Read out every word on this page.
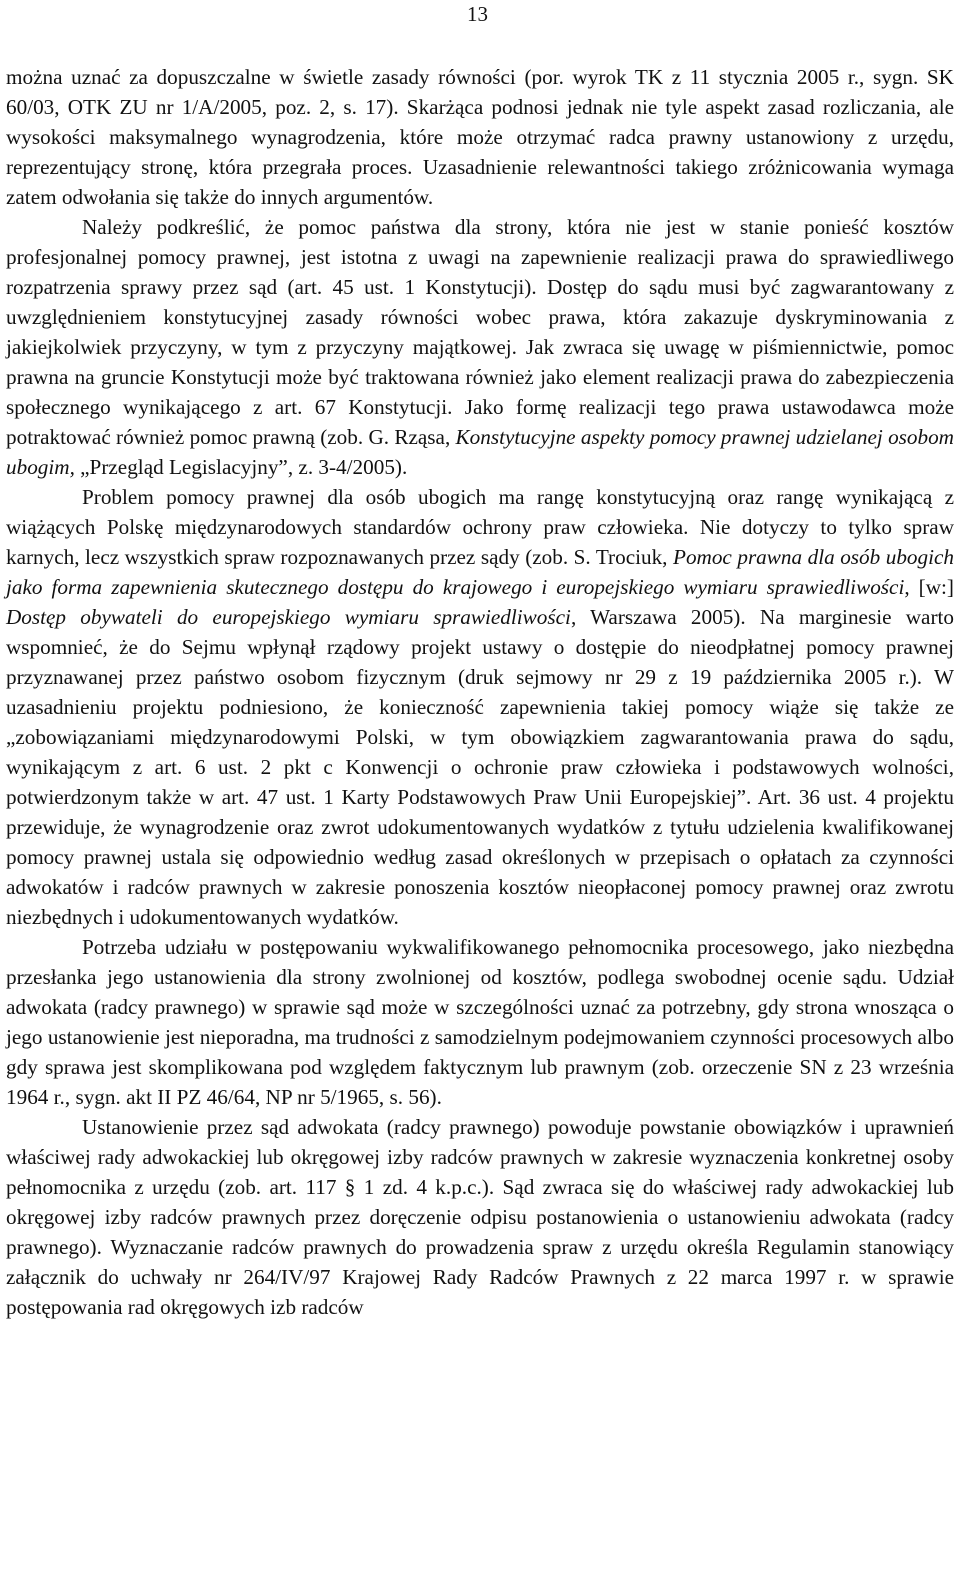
13

można uznać za dopuszczalne w świetle zasady równości (por. wyrok TK z 11 stycznia 2005 r., sygn. SK 60/03, OTK ZU nr 1/A/2005, poz. 2, s. 17). Skarżąca podnosi jednak nie tyle aspekt zasad rozliczania, ale wysokości maksymalnego wynagrodzenia, które może otrzymać radca prawny ustanowiony z urzędu, reprezentujący stronę, która przegrała proces. Uzasadnienie relewantności takiego zróżnicowania wymaga zatem odwołania się także do innych argumentów.

Należy podkreślić, że pomoc państwa dla strony, która nie jest w stanie ponieść kosztów profesjonalnej pomocy prawnej, jest istotna z uwagi na zapewnienie realizacji prawa do sprawiedliwego rozpatrzenia sprawy przez sąd (art. 45 ust. 1 Konstytucji). Dostęp do sądu musi być zagwarantowany z uwzględnieniem konstytucyjnej zasady równości wobec prawa, która zakazuje dyskryminowania z jakiejkolwiek przyczyny, w tym z przyczyny majątkowej. Jak zwraca się uwagę w piśmiennictwie, pomoc prawna na gruncie Konstytucji może być traktowana również jako element realizacji prawa do zabezpieczenia społecznego wynikającego z art. 67 Konstytucji. Jako formę realizacji tego prawa ustawodawca może potraktować również pomoc prawną (zob. G. Rząsa, Konstytucyjne aspekty pomocy prawnej udzielanej osobom ubogim, „Przegląd Legislacyjny”, z. 3-4/2005).

Problem pomocy prawnej dla osób ubogich ma rangę konstytucyjną oraz rangę wynikającą z wiążących Polskę międzynarodowych standardów ochrony praw człowieka. Nie dotyczy to tylko spraw karnych, lecz wszystkich spraw rozpoznawanych przez sądy (zob. S. Trociuk, Pomoc prawna dla osób ubogich jako forma zapewnienia skutecznego dostępu do krajowego i europejskiego wymiaru sprawiedliwości, [w:] Dostęp obywateli do europejskiego wymiaru sprawiedliwości, Warszawa 2005). Na marginesie warto wspomnieć, że do Sejmu wpłynął rządowy projekt ustawy o dostępie do nieodpłatnej pomocy prawnej przyznawanej przez państwo osobom fizycznym (druk sejmowy nr 29 z 19 października 2005 r.). W uzasadnieniu projektu podniesiono, że konieczność zapewnienia takiej pomocy wiąże się także ze „zobowiązaniami międzynarodowymi Polski, w tym obowiązkiem zagwarantowania prawa do sądu, wynikającym z art. 6 ust. 2 pkt c Konwencji o ochronie praw człowieka i podstawowych wolności, potwierdzonym także w art. 47 ust. 1 Karty Podstawowych Praw Unii Europejskiej”. Art. 36 ust. 4 projektu przewiduje, że wynagrodzenie oraz zwrot udokumentowanych wydatków z tytułu udzielenia kwalifikowanej pomocy prawnej ustala się odpowiednio według zasad określonych w przepisach o opłatach za czynności adwokatów i radców prawnych w zakresie ponoszenia kosztów nieopłaconej pomocy prawnej oraz zwrotu niezbędnych i udokumentowanych wydatków.

Potrzeba udziału w postępowaniu wykwalifikowanego pełnomocnika procesowego, jako niezbędna przesłanka jego ustanowienia dla strony zwolnionej od kosztów, podlega swobodnej ocenie sądu. Udział adwokata (radcy prawnego) w sprawie sąd może w szczególności uznać za potrzebny, gdy strona wnosząca o jego ustanowienie jest nieporadna, ma trudności z samodzielnym podejmowaniem czynności procesowych albo gdy sprawa jest skomplikowana pod względem faktycznym lub prawnym (zob. orzeczenie SN z 23 września 1964 r., sygn. akt II PZ 46/64, NP nr 5/1965, s. 56).

Ustanowienie przez sąd adwokata (radcy prawnego) powoduje powstanie obowiązków i uprawnień właściwej rady adwokackiej lub okręgowej izby radców prawnych w zakresie wyznaczenia konkretnej osoby pełnomocnika z urzędu (zob. art. 117 § 1 zd. 4 k.p.c.). Sąd zwraca się do właściwej rady adwokackiej lub okręgowej izby radców prawnych przez doręczenie odpisu postanowienia o ustanowieniu adwokata (radcy prawnego). Wyznaczanie radców prawnych do prowadzenia spraw z urzędu określa Regulamin stanowiący załącznik do uchwały nr 264/IV/97 Krajowej Rady Radców Prawnych z 22 marca 1997 r. w sprawie postępowania rad okręgowych izb radców
